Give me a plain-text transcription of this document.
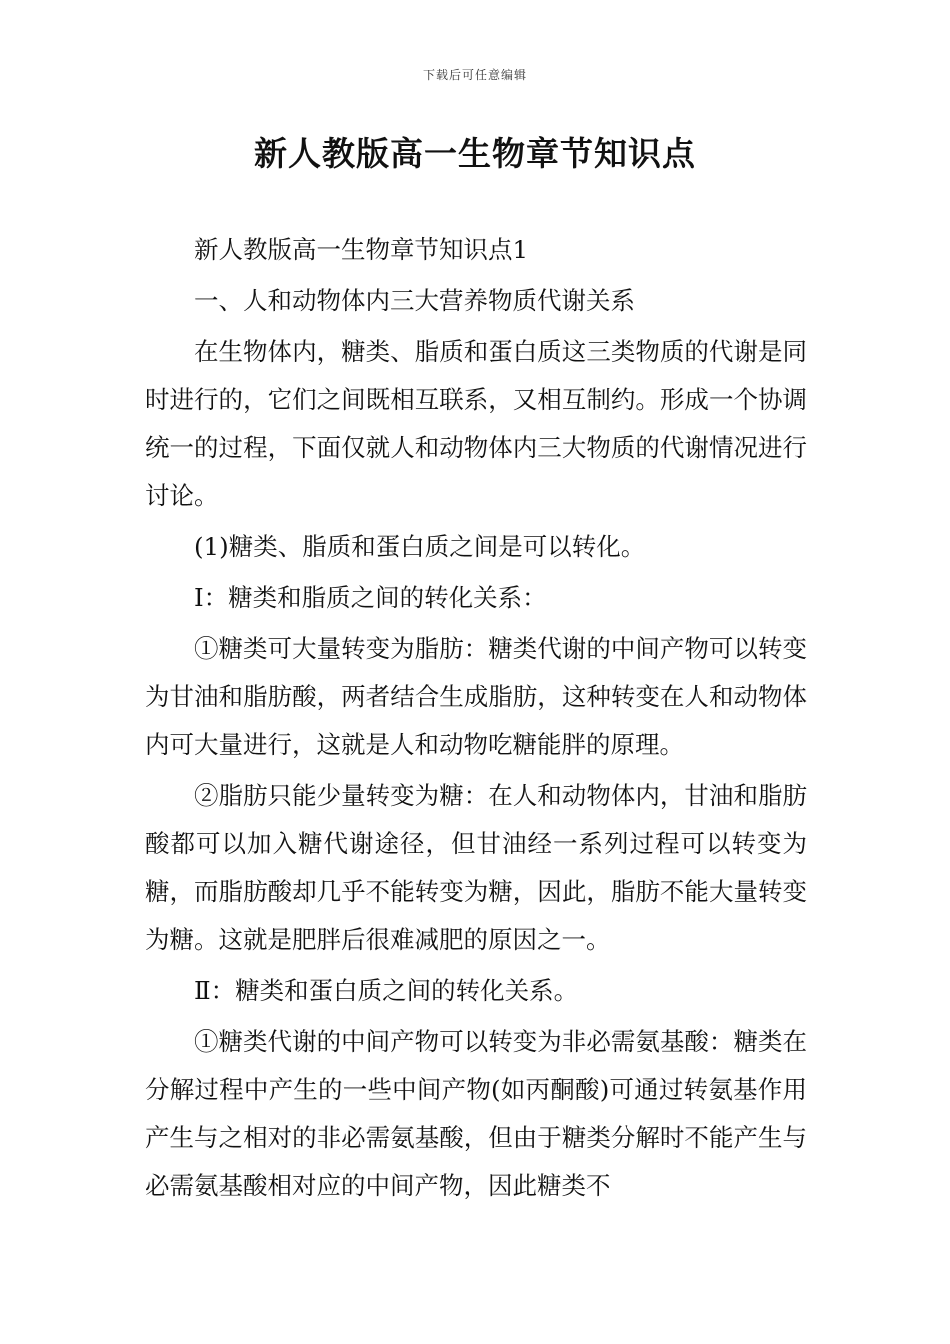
下载后可任意编辑
新人教版高一生物章节知识点

新人教版高一生物章节知识点1

一、人和动物体内三大营养物质代谢关系

在生物体内，糖类、脂质和蛋白质这三类物质的代谢是同时进行的，它们之间既相互联系，又相互制约。形成一个协调统一的过程，下面仅就人和动物体内三大物质的代谢情况进行讨论。

(1)糖类、脂质和蛋白质之间是可以转化。

Ⅰ：糖类和脂质之间的转化关系：

①糖类可大量转变为脂肪：糖类代谢的中间产物可以转变为甘油和脂肪酸，两者结合生成脂肪，这种转变在人和动物体内可大量进行，这就是人和动物吃糖能胖的原理。

②脂肪只能少量转变为糖：在人和动物体内，甘油和脂肪酸都可以加入糖代谢途径，但甘油经一系列过程可以转变为糖，而脂肪酸却几乎不能转变为糖，因此，脂肪不能大量转变为糖。这就是肥胖后很难减肥的原因之一。

Ⅱ：糖类和蛋白质之间的转化关系。

①糖类代谢的中间产物可以转变为非必需氨基酸：糖类在分解过程中产生的一些中间产物(如丙酮酸)可通过转氨基作用产生与之相对的非必需氨基酸，但由于糖类分解时不能产生与必需氨基酸相对应的中间产物，因此糖类不
